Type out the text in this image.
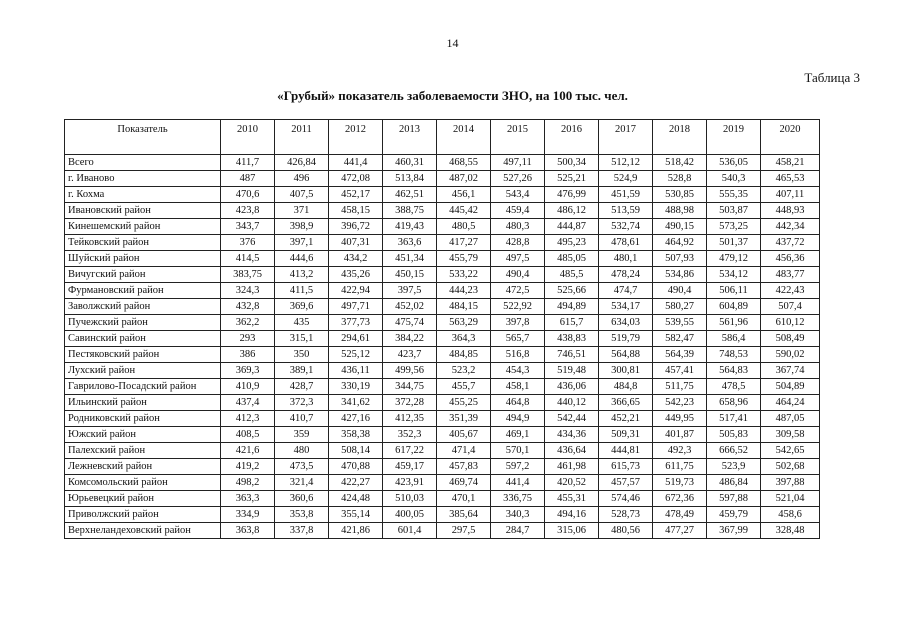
14
Таблица 3
«Грубый» показатель заболеваемости ЗНО, на 100 тыс. чел.
Показатель	2010	2011	2012	2013	2014	2015	2016	2017	2018	2019	2020
Всего	411,7	426,84	441,4	460,31	468,55	497,11	500,34	512,12	518,42	536,05	458,21
г. Иваново	487	496	472,08	513,84	487,02	527,26	525,21	524,9	528,8	540,3	465,53
г. Кохма	470,6	407,5	452,17	462,51	456,1	543,4	476,99	451,59	530,85	555,35	407,11
Ивановский район	423,8	371	458,15	388,75	445,42	459,4	486,12	513,59	488,98	503,87	448,93
Кинешемский район	343,7	398,9	396,72	419,43	480,5	480,3	444,87	532,74	490,15	573,25	442,34
Тейковский район	376	397,1	407,31	363,6	417,27	428,8	495,23	478,61	464,92	501,37	437,72
Шуйский район	414,5	444,6	434,2	451,34	455,79	497,5	485,05	480,1	507,93	479,12	456,36
Вичугский район	383,75	413,2	435,26	450,15	533,22	490,4	485,5	478,24	534,86	534,12	483,77
Фурмановский район	324,3	411,5	422,94	397,5	444,23	472,5	525,66	474,7	490,4	506,11	422,43
Заволжский район	432,8	369,6	497,71	452,02	484,15	522,92	494,89	534,17	580,27	604,89	507,4
Пучежский район	362,2	435	377,73	475,74	563,29	397,8	615,7	634,03	539,55	561,96	610,12
Савинский район	293	315,1	294,61	384,22	364,3	565,7	438,83	519,79	582,47	586,4	508,49
Пестяковский район	386	350	525,12	423,7	484,85	516,8	746,51	564,88	564,39	748,53	590,02
Лухский район	369,3	389,1	436,11	499,56	523,2	454,3	519,48	300,81	457,41	564,83	367,74
Гаврилово-Посадский район	410,9	428,7	330,19	344,75	455,7	458,1	436,06	484,8	511,75	478,5	504,89
Ильинский район	437,4	372,3	341,62	372,28	455,25	464,8	440,12	366,65	542,23	658,96	464,24
Родниковский район	412,3	410,7	427,16	412,35	351,39	494,9	542,44	452,21	449,95	517,41	487,05
Южский район	408,5	359	358,38	352,3	405,67	469,1	434,36	509,31	401,87	505,83	309,58
Палехский район	421,6	480	508,14	617,22	471,4	570,1	436,64	444,81	492,3	666,52	542,65
Лежневский район	419,2	473,5	470,88	459,17	457,83	597,2	461,98	615,73	611,75	523,9	502,68
Комсомольский район	498,2	321,4	422,27	423,91	469,74	441,4	420,52	457,57	519,73	486,84	397,88
Юрьевецкий район	363,3	360,6	424,48	510,03	470,1	336,75	455,31	574,46	672,36	597,88	521,04
Приволжский район	334,9	353,8	355,14	400,05	385,64	340,3	494,16	528,73	478,49	459,79	458,6
Верхнеландеховский район	363,8	337,8	421,86	601,4	297,5	284,7	315,06	480,56	477,27	367,99	328,48
